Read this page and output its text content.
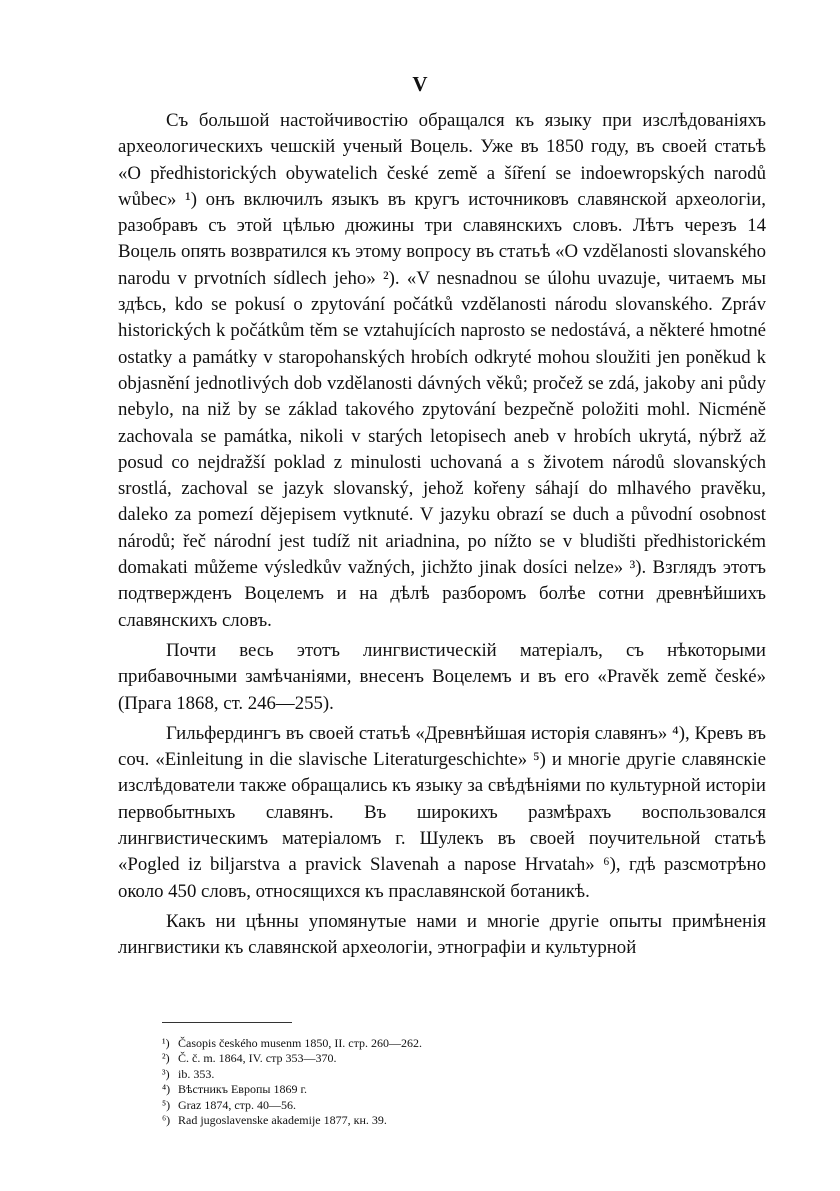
V

Съ большой настойчивостію обращался къ языку при изслѣдованіяхъ археологическихъ чешскій ученый Воцель. Уже въ 1850 году, въ своей статьѣ «O předhistorických obywatelich české země a šíření se indoewropských narodů wůbec» ¹) онъ включилъ языкъ въ кругъ источниковъ славянской археологіи, разобравъ съ этой цѣлью дюжины три славянскихъ словъ. Лѣтъ черезъ 14 Воцель опять возвратился къ этому вопросу въ статьѣ «O vzdělanosti slovanského narodu v prvotních sídlech jeho» ²). «V nesnadnou se úlohu uvazuje, читаемъ мы здѣсь, kdo se pokusí o zpytování počátků vzdělanosti národu slovanského. Zpráv historických k počátkům těm se vztahujících naprosto se nedostává, a některé hmotné ostatky a památky v staropohanských hrobích odkryté mohou sloužiti jen poněkud k objasnění jednotlivých dob vzdělanosti dávných věků; pročež se zdá, jakoby ani půdy nebylo, na niž by se základ takového zpytování bezpečně položiti mohl. Nicméně zachovala se památka, nikoli v starých letopisech aneb v hrobích ukrytá, nýbrž až posud co nejdražší poklad z minulosti uchovaná a s životem národů slovanských srostlá, zachoval se jazyk slovanský, jehož kořeny sáhají do mlhavého pravěku, daleko za pomezí dějepisem vytknuté. V jazyku obrazí se duch a původní osobnost národů; řeč národní jest tudíž nit ariadnina, po nížto se v bludišti předhistorickém domakati můžeme výsledkův važných, jichžto jinak dosíci nelze» ³). Взглядъ этотъ подтвержденъ Воцелемъ и на дѣлѣ разборомъ болѣе сотни древнѣйшихъ славянскихъ словъ.

Почти весь этотъ лингвистическій матеріалъ, съ нѣкоторыми прибавочными замѣчаніями, внесенъ Воцелемъ и въ его «Pravěk země české» (Прага 1868, ст. 246—255).

Гильфердингъ въ своей статьѣ «Древнѣйшая исторія славянъ» ⁴), Кревъ въ соч. «Einleitung in die slavische Literaturgeschichte» ⁵) и многіе другіе славянскіе изслѣдователи также обращались къ языку за свѣдѣніями по культурной исторіи первобытныхъ славянъ. Въ широкихъ размѣрахъ воспользовался лингвистическимъ матеріаломъ г. Шулекъ въ своей поучительной статьѣ «Pogled iz biljarstva a pravick Slavenah a napose Hrvatah» ⁶), гдѣ разсмотрѣно около 450 словъ, относящихся къ праславянской ботаникѣ.

Какъ ни цѣнны упомянутые нами и многіе другіе опыты примѣненія лингвистики къ славянской археологіи, этнографіи и культурной

¹) Časopis českého musenm 1850, II. стр. 260—262.
²) Č. č. m. 1864, IV. стр 353—370.
³) ib. 353.
⁴) Вѣстникъ Европы 1869 г.
⁵) Graz 1874, стр. 40—56.
⁶) Rad jugoslavenske akademije 1877, кн. 39.
